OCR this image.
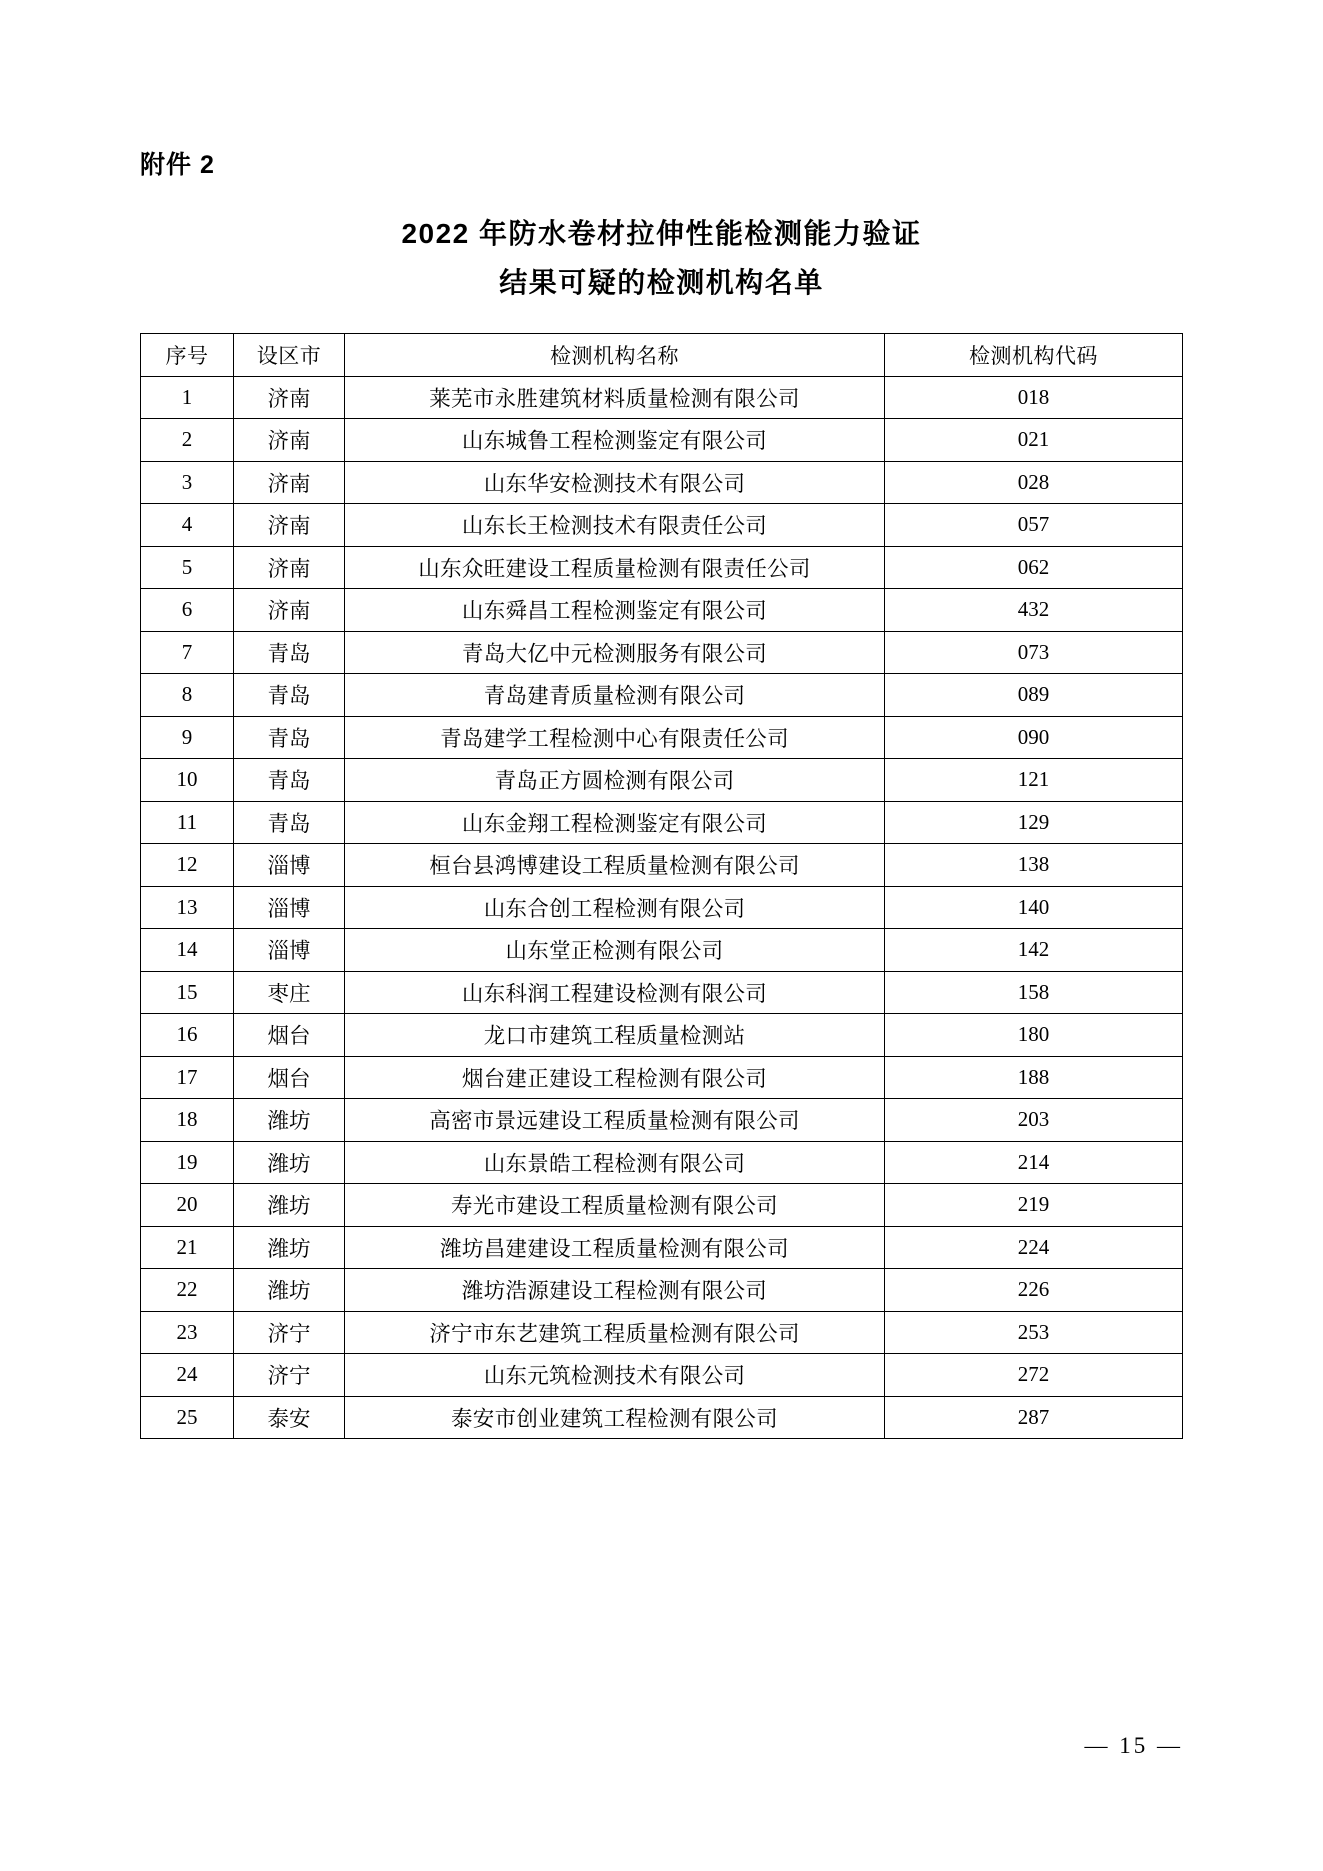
附件 2
2022 年防水卷材拉伸性能检测能力验证
结果可疑的检测机构名单
序号	设区市	检测机构名称	检测机构代码
1	济南	莱芜市永胜建筑材料质量检测有限公司	018
2	济南	山东城鲁工程检测鉴定有限公司	021
3	济南	山东华安检测技术有限公司	028
4	济南	山东长王检测技术有限责任公司	057
5	济南	山东众旺建设工程质量检测有限责任公司	062
6	济南	山东舜昌工程检测鉴定有限公司	432
7	青岛	青岛大亿中元检测服务有限公司	073
8	青岛	青岛建青质量检测有限公司	089
9	青岛	青岛建学工程检测中心有限责任公司	090
10	青岛	青岛正方圆检测有限公司	121
11	青岛	山东金翔工程检测鉴定有限公司	129
12	淄博	桓台县鸿博建设工程质量检测有限公司	138
13	淄博	山东合创工程检测有限公司	140
14	淄博	山东堂正检测有限公司	142
15	枣庄	山东科润工程建设检测有限公司	158
16	烟台	龙口市建筑工程质量检测站	180
17	烟台	烟台建正建设工程检测有限公司	188
18	潍坊	高密市景远建设工程质量检测有限公司	203
19	潍坊	山东景皓工程检测有限公司	214
20	潍坊	寿光市建设工程质量检测有限公司	219
21	潍坊	潍坊昌建建设工程质量检测有限公司	224
22	潍坊	潍坊浩源建设工程检测有限公司	226
23	济宁	济宁市东艺建筑工程质量检测有限公司	253
24	济宁	山东元筑检测技术有限公司	272
25	泰安	泰安市创业建筑工程检测有限公司	287
— 15 —
